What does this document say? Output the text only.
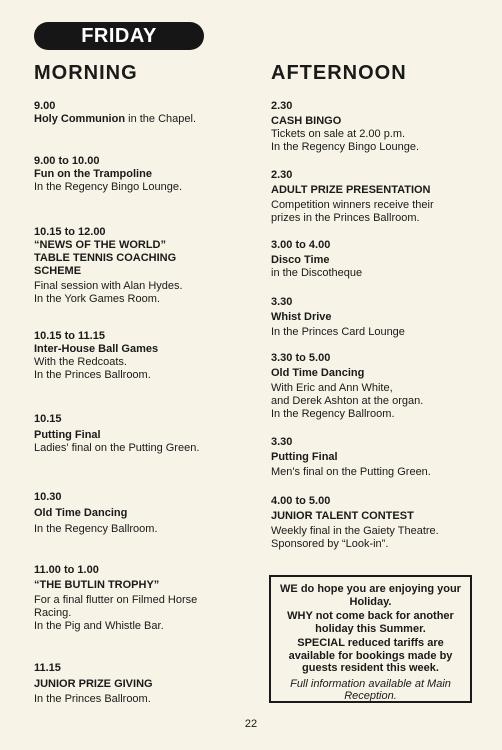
FRIDAY
MORNING	AFTERNOON
9.00
Holy Communion in the Chapel.
9.00 to 10.00
Fun on the Trampoline
In the Regency Bingo Lounge.
10.15 to 12.00
“NEWS OF THE WORLD”
TABLE TENNIS COACHING
SCHEME
Final session with Alan Hydes.
In the York Games Room.
10.15 to 11.15
Inter-House Ball Games
With the Redcoats.
In the Princes Ballroom.
10.15
Putting Final
Ladies' final on the Putting Green.
10.30
Old Time Dancing
In the Regency Ballroom.
11.00 to 1.00
“THE BUTLIN TROPHY”
For a final flutter on Filmed Horse
Racing.
In the Pig and Whistle Bar.
11.15
JUNIOR PRIZE GIVING
In the Princes Ballroom.
2.30
CASH BINGO
Tickets on sale at 2.00 p.m.
In the Regency Bingo Lounge.
2.30
ADULT PRIZE PRESENTATION
Competition winners receive their
prizes in the Princes Ballroom.
3.00 to 4.00
Disco Time
in the Discotheque
3.30
Whist Drive
In the Princes Card Lounge
3.30 to 5.00
Old Time Dancing
With Eric and Ann White,
and Derek Ashton at the organ.
In the Regency Ballroom.
3.30
Putting Final
Men's final on the Putting Green.
4.00 to 5.00
JUNIOR TALENT CONTEST
Weekly final in the Gaiety Theatre.
Sponsored by “Look-in”.
WE do hope you are enjoying your Holiday.
WHY not come back for another holiday this Summer.
SPECIAL reduced tariffs are available for bookings made by guests resident this week.
Full information available at Main Reception.
22
